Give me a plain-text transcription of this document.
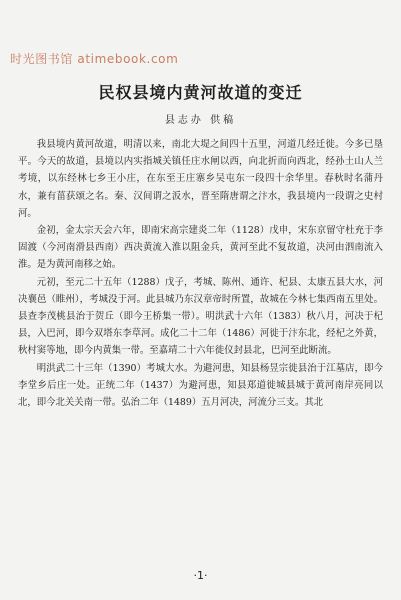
时光图书馆 atimebook.com
民权县境内黄河故道的变迁
县志办 供稿

我县境内黄河故道，明清以来，南北大堤之间四十五里，河道几经迁徙。今多已垦平。今天的故道，县境以内实指城关镇任庄水闸以西，向北折而向西北，经孙土山人兰考境，以东经林七乡王小庄，在东至王庄寨乡吴屯东一段四十余华里。春秋时名蒲丹水，兼有菑获颂之名。秦、汉间谓之汳水，晋至隋唐谓之汴水，我县境内一段谓之史村河。

金初，金太宗天会六年，即南宋高宗建炎二年（1128）戊申，宋东京留守杜充于李固渡（今河南滑县西南）西决黄流入淮以阻金兵，黄河至此不复故道，决河由泗南流入淮。是为黄河南移之始。

元初，至元二十五年（1288）戊子，考城、陈州、通许、杞县、太康五县大水，河决襄邑（睢州），考城没于河。此县城乃东汉章帝时所置，故城在今林七集西南五里处。县查李茂桃县治于贺丘（即今王桥集一带）。明洪武十六年（1383）秋八月，河决于杞县，入巴河，即今双塔东李草河。成化二十二年（1486）河徙于汴东北，经杞之外黄，秋村窦等地，即今内黄集一带。至嘉靖二十六年徙仪封县北，巴河至此断流。

明洪武二十三年（1390）考城大水。为避河患，知县杨昱宗徙县治于江墓店，即今李堂乡后庄一处。正统二年（1437）为避河患，知县郑道徙城县城于黄河南岸亮同以北，即今北关关南一带。弘治二年（1489）五月河决，河流分三支。其北

·1·
